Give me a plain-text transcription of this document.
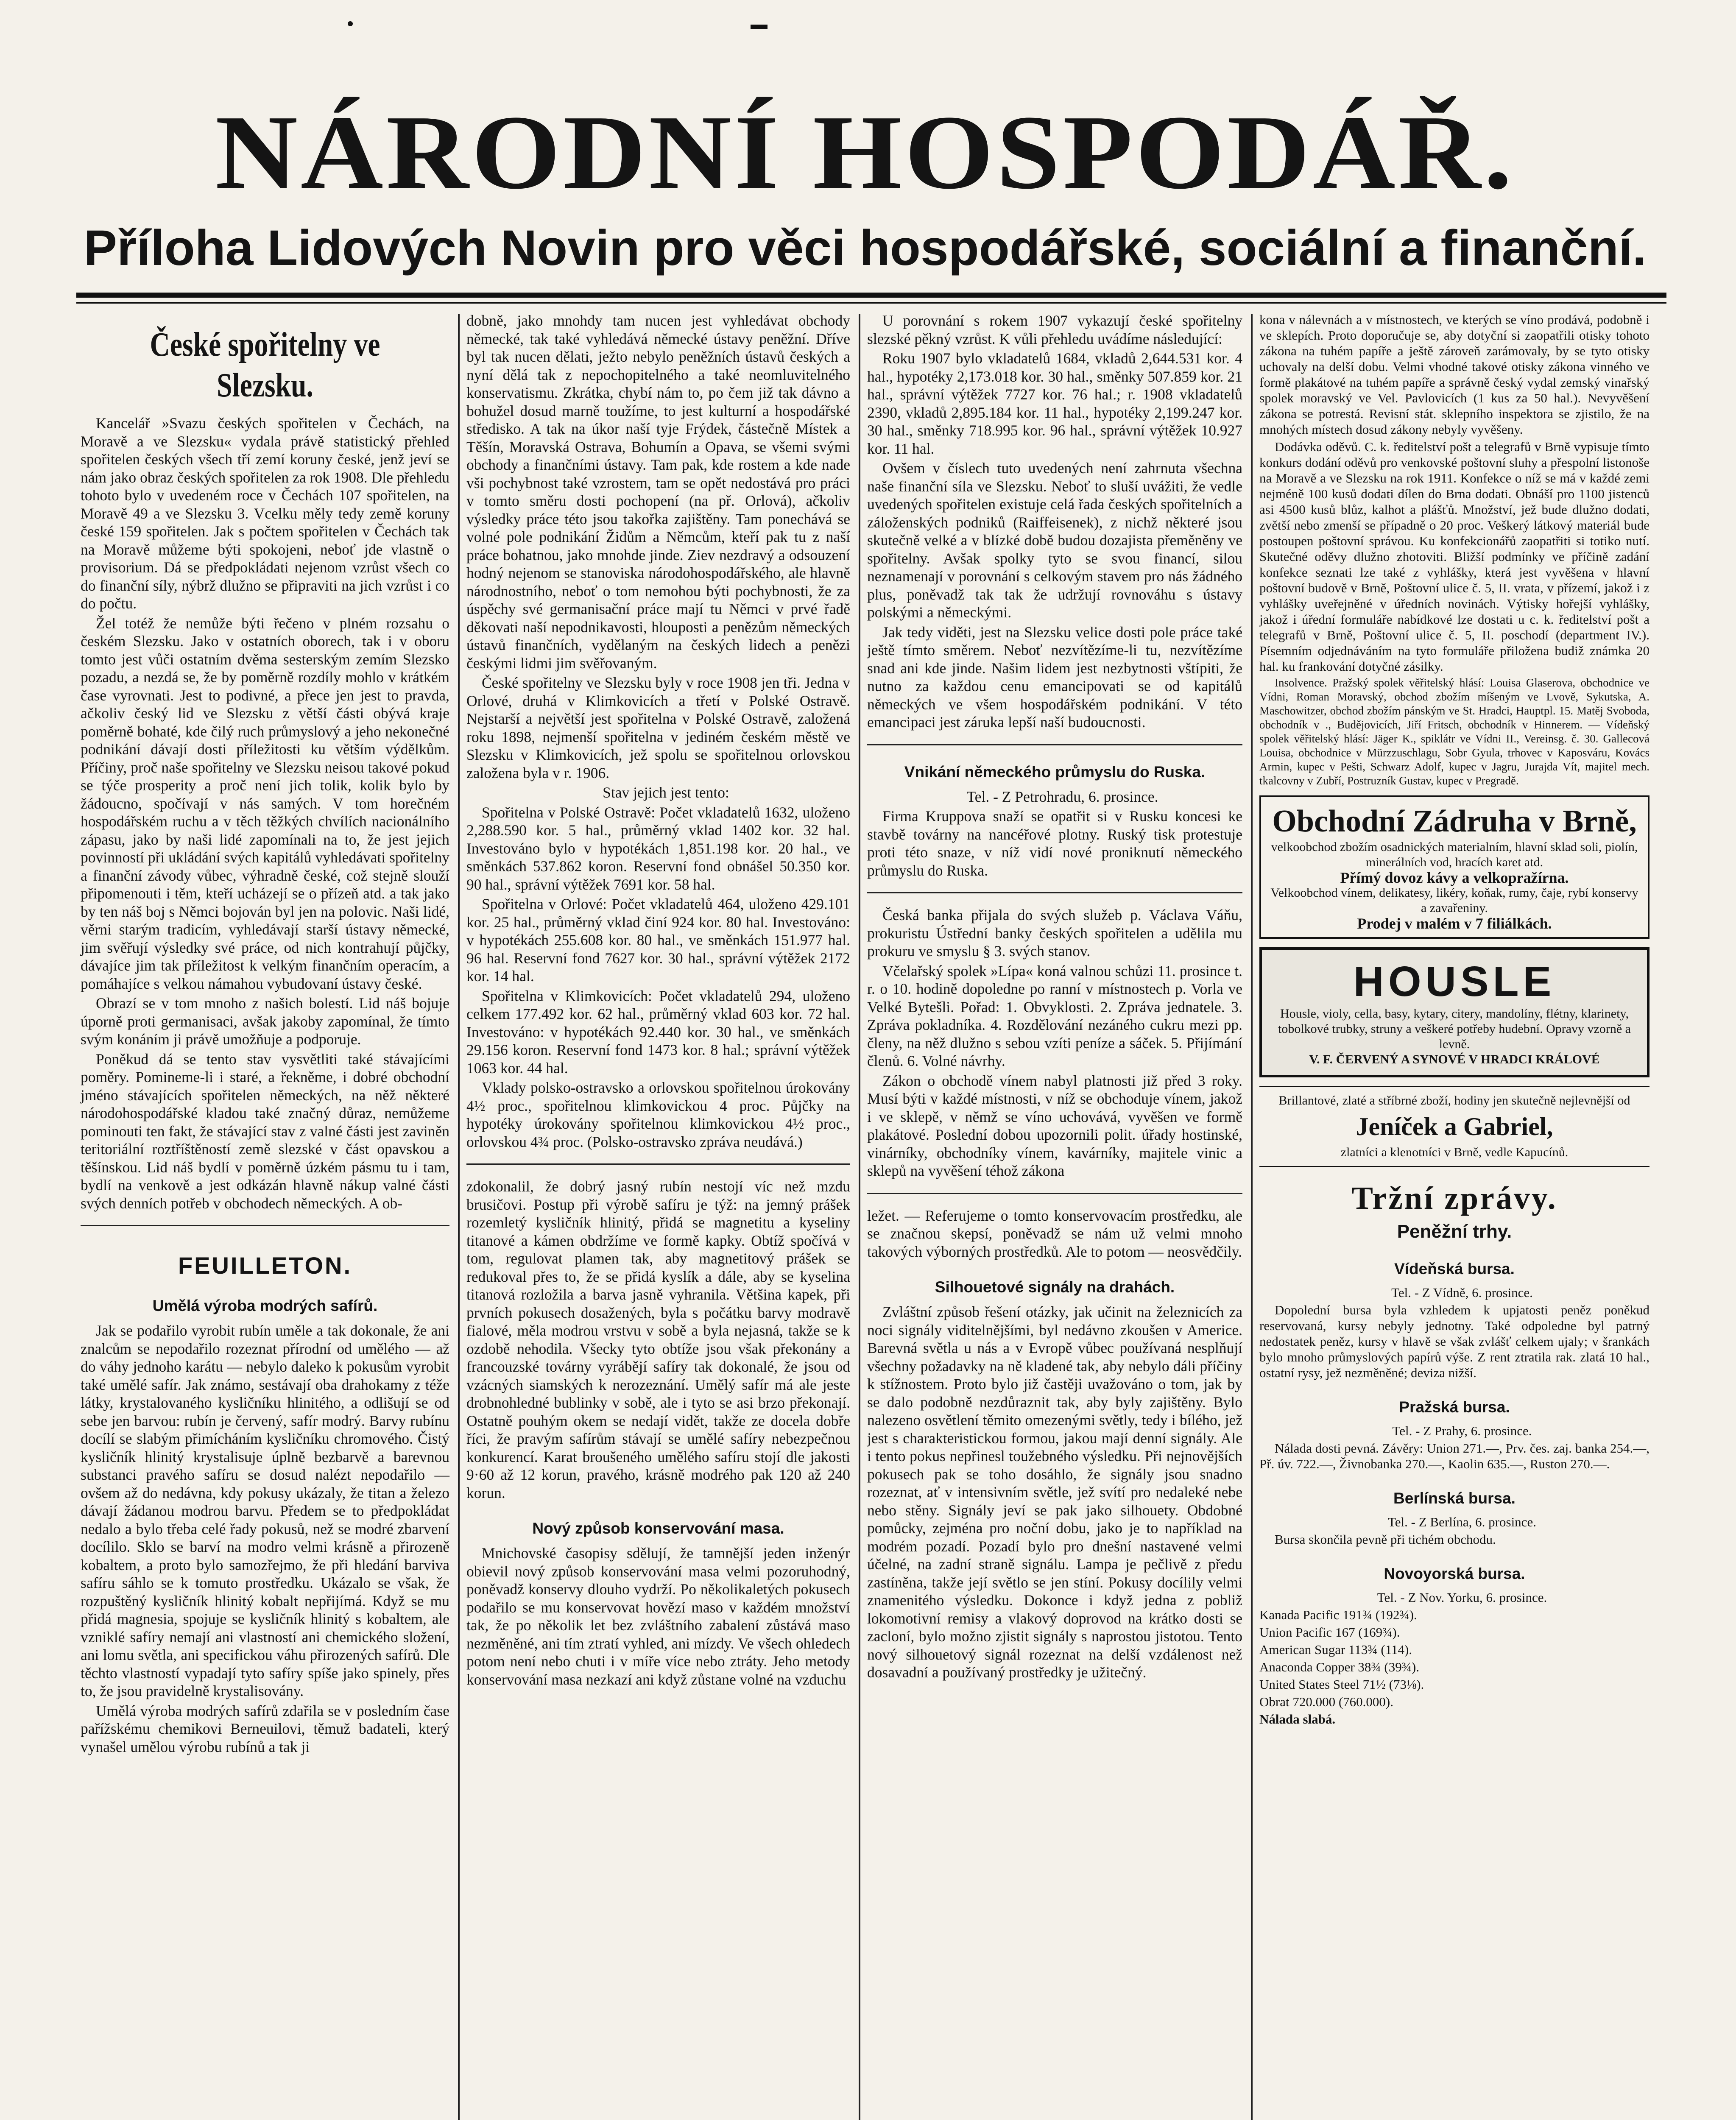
NÁRODNÍ HOSPODÁŘ.
Příloha Lidových Novin pro věci hospodářské, sociální a finanční.
České spořitelny ve Slezsku.

Kancelář »Svazu českých spořitelen v Čechách, na Moravě a ve Slezsku« vydala právě statistický přehled spořitelen českých všech tří zemí koruny české, jenž jeví se nám jako obraz českých spořitelen za rok 1908. Dle přehledu tohoto bylo v uvedeném roce v Čechách 107 spořitelen, na Moravě 49 a ve Slezsku 3. Vcelku měly tedy země koruny české 159 spořitelen. Jak s počtem spořitelen v Čechách tak na Moravě můžeme býti spokojeni, neboť jde vlastně o provisorium. Dá se předpokládati nejenom vzrůst všech co do finanční síly, nýbrž dlužno se připraviti na jich vzrůst i co do počtu.

Žel totéž že nemůže býti řečeno v plném rozsahu o českém Slezsku. Jako v ostatních oborech, tak i v oboru tomto jest vůči ostatním dvěma sesterským zemím Slezsko pozadu, a nezdá se, že by poměrně rozdíly mohlo v krátkém čase vyrovnati. Jest to podivné, a přece jen jest to pravda, ačkoliv český lid ve Slezsku z větší části obývá kraje poměrně bohaté, kde čilý ruch průmyslový a jeho nekonečné podnikání dávají dosti příležitosti ku větším výdělkům. Příčiny, proč naše spořitelny ve Slezsku neisou takové pokud se týče prosperity a proč není jich tolik, kolik bylo by žádoucno, spočívají v nás samých. V tom horečném hospodářském ruchu a v těch těžkých chvílích nacionálního zápasu, jako by naši lidé zapomínali na to, že jest jejich povinností při ukládání svých kapitálů vyhledávati spořitelny a finanční závody vůbec, výhradně české, což stejně slouží připomenouti i těm, kteří ucházejí se o přízeň atd. a tak jako by ten náš boj s Němci bojován byl jen na polovic. Naši lidé, věrni starým tradicím, vyhledávají starší ústavy německé, jim svěřují výsledky své práce, od nich kontrahují půjčky, dávajíce jim tak příležitost k velkým finančním operacím, a pomáhajíce s velkou námahou vybudovaní ústavy české.

Obrazí se v tom mnoho z našich bolestí. Lid náš bojuje úporně proti germanisaci, avšak jakoby zapomínal, že tímto svým konáním ji právě umožňuje a podporuje.

Poněkud dá se tento stav vysvětliti také stávajícími poměry. Pomineme-li i staré, a řekněme, i dobré obchodní jméno stávajících spořitelen německých, na něž některé národohospodářské kladou také značný důraz, nemůžeme pominouti ten fakt, že stávající stav z valné části jest zaviněn teritoriální roztříštěností země slezské v část opavskou a těšínskou. Lid náš bydlí v poměrně úzkém pásmu tu i tam, bydlí na venkově a jest odkázán hlavně nákup valné části svých denních potřeb v obchodech německých. A ob-

FEUILLETON.
Umělá výroba modrých safírů.

Jak se podařilo vyrobit rubín uměle a tak dokonale, že ani znalcům se nepodařilo rozeznat přírodní od umělého — až do váhy jednoho karátu — nebylo daleko k pokusům vyrobit také umělé safír. Jak známo, sestávají oba drahokamy z téže látky, krystalovaného kysličníku hlinitého, a odlišují se od sebe jen barvou: rubín je červený, safír modrý. Barvy rubínu docílí se slabým přimícháním kysličníku chromového. Čistý kysličník hlinitý krystalisuje úplně bezbarvě a barevnou substanci pravého safíru se dosud nalézt nepodařilo — ovšem až do nedávna, kdy pokusy ukázaly, že titan a železo dávají žádanou modrou barvu. Předem se to předpokládat nedalo a bylo třeba celé řady pokusů, než se modré zbarvení docílilo. Sklo se barví na modro velmi krásně a přirozeně kobaltem, a proto bylo samozřejmo, že při hledání barviva safíru sáhlo se k tomuto prostředku. Ukázalo se však, že rozpuštěný kysličník hlinitý kobalt nepřijímá. Když se mu přidá magnesia, spojuje se kysličník hlinitý s kobaltem, ale vzniklé safíry nemají ani vlastností ani chemického složení, ani lomu světla, ani specifickou váhu přirozených safírů. Dle těchto vlastností vypadají tyto safíry spíše jako spinely, přes to, že jsou pravidelně krystalisovány.

Umělá výroba modrých safírů zdařila se v posledním čase pařížskému chemikovi Berneuilovi, těmuž badateli, který vynašel umělou výrobu rubínů a tak ji

dobně, jako mnohdy tam nucen jest vyhledávat obchody německé, tak také vyhledává německé ústavy peněžní. Dříve byl tak nucen dělati, ježto nebylo peněžních ústavů českých a nyní dělá tak z nepochopitelného a také neomluvitelného konservatismu. Zkrátka, chybí nám to, po čem již tak dávno a bohužel dosud marně toužíme, to jest kulturní a hospodářské středisko. A tak na úkor naší tyje Frýdek, částečně Místek a Těšín, Moravská Ostrava, Bohumín a Opava, se všemi svými obchody a finančními ústavy. Tam pak, kde rostem a kde nade vši pochybnost také vzrostem, tam se opět nedostává pro práci v tomto směru dosti pochopení (na př. Orlová), ačkoliv výsledky práce této jsou takořka zajištěny. Tam ponechává se volné pole podnikání Židům a Němcům, kteří pak tu z naší práce bohatnou, jako mnohde jinde. Ziev nezdravý a odsouzení hodný nejenom se stanoviska národohospodářského, ale hlavně národnostního, neboť o tom nemohou býti pochybnosti, že za úspěchy své germanisační práce mají tu Němci v prvé řadě děkovati naší nepodnikavosti, hlouposti a penězům německých ústavů finančních, vydělaným na českých lidech a penězi českými lidmi jim svěřovaným.

České spořitelny ve Slezsku byly v roce 1908 jen tři. Jedna v Orlové, druhá v Klimkovicích a třetí v Polské Ostravě. Nejstarší a největší jest spořitelna v Polské Ostravě, založená roku 1898, nejmenší spořitelna v jediném českém městě ve Slezsku v Klimkovicích, jež spolu se spořitelnou orlovskou založena byla v r. 1906.

Stav jejich jest tento:

Spořitelna v Polské Ostravě: Počet vkladatelů 1632, uloženo 2,288.590 kor. 5 hal., průměrný vklad 1402 kor. 32 hal. Investováno bylo v hypotékách 1,851.198 kor. 20 hal., ve směnkách 537.862 koron. Reservní fond obnášel 50.350 kor. 90 hal., správní výtěžek 7691 kor. 58 hal.

Spořitelna v Orlové: Počet vkladatelů 464, uloženo 429.101 kor. 25 hal., průměrný vklad činí 924 kor. 80 hal. Investováno: v hypotékách 255.608 kor. 80 hal., ve směnkách 151.977 hal. 96 hal. Reservní fond 7627 kor. 30 hal., správní výtěžek 2172 kor. 14 hal.

Spořitelna v Klimkovicích: Počet vkladatelů 294, uloženo celkem 177.492 kor. 62 hal., průměrný vklad 603 kor. 72 hal. Investováno: v hypotékách 92.440 kor. 30 hal., ve směnkách 29.156 koron. Reservní fond 1473 kor. 8 hal.; správní výtěžek 1063 kor. 44 hal.

Vklady polsko-ostravsko a orlovskou spořitelnou úrokovány 4½ proc., spořitelnou klimkovickou 4 proc. Půjčky na hypotéky úrokovány spořitelnou klimkovickou 4½ proc., orlovskou 4¾ proc. (Polsko-ostravsko zpráva neudává.)

zdokonalil, že dobrý jasný rubín nestojí víc než mzdu brusičovi. Postup při výrobě safíru je týž: na jemný prášek rozemletý kysličník hlinitý, přidá se magnetitu a kyseliny titanové a kámen obdržíme ve formě kapky. Obtíž spočívá v tom, regulovat plamen tak, aby magnetitový prášek se redukoval přes to, že se přidá kyslík a dále, aby se kyselina titanová rozložila a barva jasně vyhranila. Většina kapek, při prvních pokusech dosažených, byla s počátku barvy modravě fialové, měla modrou vrstvu v sobě a byla nejasná, takže se k ozdobě nehodila. Všecky tyto obtíže jsou však překonány a francouzské továrny vyrábějí safíry tak dokonalé, že jsou od vzácných siamských k nerozeznání. Umělý safír má ale jeste drobnohledné bublinky v sobě, ale i tyto se asi brzo překonají. Ostatně pouhým okem se nedají vidět, takže ze docela dobře říci, že pravým safírům stávají se umělé safíry nebezpečnou konkurencí. Karat broušeného umělého safíru stojí dle jakosti 9·60 až 12 korun, pravého, krásně modrého pak 120 až 240 korun.

Nový způsob konservování masa.

Mnichovské časopisy sdělují, že tamnější jeden inženýr obievil nový způsob konservování masa velmi pozoruhodný, poněvadž konservy dlouho vydrží. Po několikaletých pokusech podařilo se mu konservovat hovězí maso v každém množství tak, že po několik let bez zvláštního zabalení zůstává maso nezměněné, ani tím ztratí vyhled, ani mízdy. Ve všech ohledech potom není nebo chuti i v míře více nebo ztráty. Jeho metody konservování masa nezkazí ani když zůstane volné na vzduchu

U porovnání s rokem 1907 vykazují české spořitelny slezské pěkný vzrůst. K vůli přehledu uvádíme následující:

Roku 1907 bylo vkladatelů 1684, vkladů 2,644.531 kor. 4 hal., hypotéky 2,173.018 kor. 30 hal., směnky 507.859 kor. 21 hal., správní výtěžek 7727 kor. 76 hal.; r. 1908 vkladatelů 2390, vkladů 2,895.184 kor. 11 hal., hypotéky 2,199.247 kor. 30 hal., směnky 718.995 kor. 96 hal., správní výtěžek 10.927 kor. 11 hal.

Ovšem v číslech tuto uvedených není zahrnuta všechna naše finanční síla ve Slezsku. Neboť to sluší uvážiti, že vedle uvedených spořitelen existuje celá řada českých spořitelních a záloženských podniků (Raiffeisenek), z nichž některé jsou skutečně velké a v blízké době budou dozajista přeměněny ve spořitelny. Avšak spolky tyto se svou financí, silou neznamenají v porovnání s celkovým stavem pro nás žádného plus, poněvadž tak tak že udržují rovnováhu s ústavy polskými a německými.

Jak tedy viděti, jest na Slezsku velice dosti pole práce také ještě tímto směrem. Neboť nezvítězíme-li tu, nezvítězíme snad ani kde jinde. Našim lidem jest nezbytnosti vštípiti, že nutno za každou cenu emancipovati se od kapitálů německých ve všem hospodářském podnikání. V této emancipaci jest záruka lepší naší budoucnosti.

Vnikání německého průmyslu do Ruska.

Tel. - Z Petrohradu, 6. prosince.

Firma Kruppova snaží se opatřit si v Rusku koncesi ke stavbě továrny na nancéřové plotny. Ruský tisk protestuje proti této snaze, v níž vidí nové proniknutí německého průmyslu do Ruska.

Česká banka přijala do svých služeb p. Václava Váňu, prokuristu Ústřední banky českých spořitelen a udělila mu prokuru ve smyslu § 3. svých stanov.

Včelařský spolek »Lípa« koná valnou schůzi 11. prosince t. r. o 10. hodině dopoledne po ranní v místnostech p. Vorla ve Velké Bytešli. Pořad: 1. Obvyklosti. 2. Zpráva jednatele. 3. Zpráva pokladníka. 4. Rozdělování nezáného cukru mezi pp. členy, na něž dlužno s sebou vzíti peníze a sáček. 5. Přijímání členů. 6. Volné návrhy.

Zákon o obchodě vínem nabyl platnosti již před 3 roky. Musí býti v každé místnosti, v níž se obchoduje vínem, jakož i ve sklepě, v němž se víno uchovává, vyvěšen ve formě plakátové. Poslední dobou upozornili polit. úřady hostinské, vinárníky, obchodníky vínem, kavárníky, majitele vinic a sklepů na vyvěšení téhož zákona

ležet. — Referujeme o tomto konservovacím prostředku, ale se značnou skepsí, poněvadž se nám už velmi mnoho takových výborných prostředků. Ale to potom — neosvědčily.

Silhouetové signály na drahách.

Zvláštní způsob řešení otázky, jak učinit na železnicích za noci signály viditelnějšími, byl nedávno zkoušen v Americe. Barevná světla u nás a v Evropě vůbec používaná nesplňují všechny požadavky na ně kladené tak, aby nebylo dáli příčiny k stížnostem. Proto bylo již častěji uvažováno o tom, jak by se dalo podobně nezdůraznit tak, aby byly zajištěny. Bylo nalezeno osvětlení těmito omezenými světly, tedy i bílého, jež jest s charakteristickou formou, jakou mají denní signály. Ale i tento pokus nepřinesl toužebného výsledku. Při nejnovějších pokusech pak se toho dosáhlo, že signály jsou snadno rozeznat, ať v intensivním světle, jež svítí pro nedaleké nebe nebo stěny. Signály jeví se pak jako silhouety. Obdobné pomůcky, zejména pro noční dobu, jako je to například na modrém pozadí. Pozadí bylo pro dnešní nastavené velmi účelné, na zadní straně signálu. Lampa je pečlivě z předu zastíněna, takže její světlo se jen stíní. Pokusy docílily velmi znamenitého výsledku. Dokonce i když jedna z pobliž lokomotivní remisy a vlakový doprovod na krátko dosti se zacloní, bylo možno zjistit signály s naprostou jistotou. Tento nový silhouetový signál rozeznat na delší vzdálenost než dosavadní a používaný prostředky je užitečný.

kona v nálevnách a v místnostech, ve kterých se víno prodává, podobně i ve sklepích. Proto doporučuje se, aby dotyční si zaopatřili otisky tohoto zákona na tuhém papíře a ještě zároveň zarámovaly, by se tyto otisky uchovaly na delší dobu. Velmi vhodné takové otisky zákona vinného ve formě plakátové na tuhém papíře a správně český vydal zemský vinařský spolek moravský ve Vel. Pavlovicích (1 kus za 50 hal.). Nevyvěšení zákona se potrestá. Revisní stát. sklepního inspektora se zjistilo, že na mnohých místech dosud zákony nebyly vyvěšeny.

Dodávka oděvů. C. k. ředitelství pošt a telegrafů v Brně vypisuje tímto konkurs dodání oděvů pro venkovské poštovní sluhy a přespolní listonoše na Moravě a ve Slezsku na rok 1911. Konfekce o níž se má v každé zemi nejméně 100 kusů dodati dílen do Brna dodati. Obnáší pro 1100 jistenců asi 4500 kusů blůz, kalhot a plášťů. Množství, jež bude dlužno dodati, zvětší nebo zmenší se případně o 20 proc. Veškerý látkový materiál bude postoupen poštovní správou. Ku konfekcionářů zaopatřiti si totiko nutí. Skutečné oděvy dlužno zhotoviti. Bližší podmínky ve příčině zadání konfekce seznati lze také z vyhlášky, která jest vyvěšena v hlavní poštovní budově v Brně, Poštovní ulice č. 5, II. vrata, v přízemí, jakož i z vyhlášky uveřejněné v úředních novinách. Výtisky hořejší vyhlášky, jakož i úřední formuláře nabídkové lze dostati u c. k. ředitelství pošt a telegrafů v Brně, Poštovní ulice č. 5, II. poschodí (department IV.). Písemním odjednáváním na tyto formuláře přiložena budiž známka 20 hal. ku frankování dotyčné zásilky.

Insolvence. Pražský spolek věřitelský hlásí: Louisa Glaserova, obchodnice ve Vídni, Roman Moravský, obchod zbožím míšeným ve Lvově, Sykutska, A. Maschowitzer, obchod zbožím pánským ve St. Hradci, Hauptpl. 15. Matěj Svoboda, obchodník v ., Budějovicích, Jiří Fritsch, obchodník v Hinnerem. — Vídeňský spolek věřitelský hlásí: Jäger K., spiklátr ve Vídni II., Vereinsg. č. 30. Gallecová Louisa, obchodnice v Mürzzuschlagu, Sobr Gyula, trhovec v Kaposváru, Kovács Armin, kupec v Pešti, Schwarz Adolf, kupec v Jagru, Jurajda Vít, majitel mech. tkalcovny v Zubří, Postruzník Gustav, kupec v Pregradě.

Obchodní Zádruha v Brně,
velkoobchod zbožím osadnických materialním, hlavní sklad soli, piolín, minerálních vod, hracích karet atd.
Přímý dovoz kávy a velkopražírna.
Velkoobchod vínem, delikatesy, likéry, koňak, rumy, čaje, rybí konservy a zavařeniny.
Prodej v malém v 7 filiálkách.
HOUSLE
Housle, violy, cella, basy, kytary, citery, mandolíny, flétny, klarinety, tobolkové trubky, struny a veškeré potřeby hudební. Opravy vzorně a levně.
V. F. ČERVENÝ A SYNOVÉ V HRADCI KRÁLOVÉ
Brillantové, zlaté a stříbrné zboží, hodiny jen skutečně nejlevnější od
Jeníček a Gabriel,
zlatníci a klenotníci v Brně, vedle Kapucínů.
Tržní zprávy.
Peněžní trhy.
Vídeňská bursa.

Tel. - Z Vídně, 6. prosince.

Dopolední bursa byla vzhledem k upjatosti peněz poněkud reservovaná, kursy nebyly jednotny. Také odpoledne byl patrný nedostatek peněz, kursy v hlavě se však zvlášť celkem ujaly; v šrankách bylo mnoho průmyslových papírů výše. Z rent ztratila rak. zlatá 10 hal., ostatní rysy, jež nezměněné; deviza nižší.

Pražská bursa.

Tel. - Z Prahy, 6. prosince.

Nálada dosti pevná. Závěry: Union 271.—, Prv. čes. zaj. banka 254.—, Př. úv. 722.—, Živnobanka 270.—, Kaolin 635.—, Ruston 270.—.

Berlínská bursa.

Tel. - Z Berlína, 6. prosince.

Bursa skončila pevně při tichém obchodu.

Novoyorská bursa.

Tel. - Z Nov. Yorku, 6. prosince.

Kanada Pacific 191¾ (192¾).

Union Pacific 167 (169¾).

American Sugar 113¾ (114).

Anaconda Copper 38¾ (39¾).

United States Steel 71½ (73⅛).

Obrat 720.000 (760.000).

Nálada slabá.
